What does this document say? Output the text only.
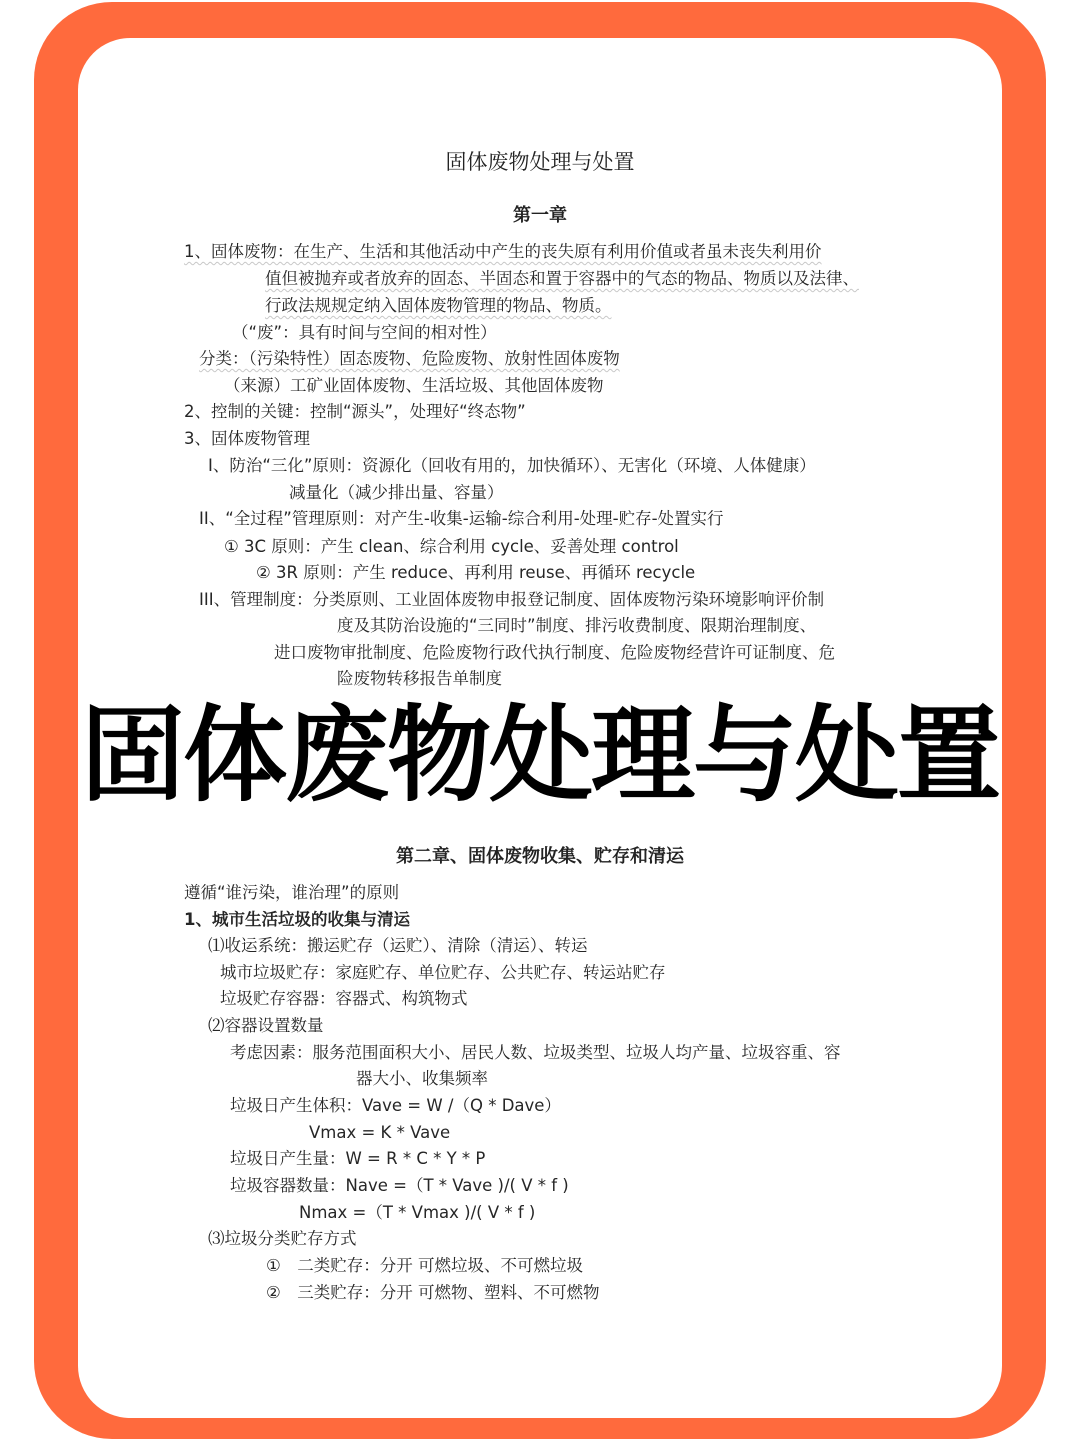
固体废物处理与处置
第一章
1、固体废物：在生产、生活和其他活动中产生的丧失原有利用价值或者虽未丧失利用价
值但被抛弃或者放弃的固态、半固态和置于容器中的气态的物品、物质以及法律、
行政法规规定纳入固体废物管理的物品、物质。
（“废”：具有时间与空间的相对性）
分类：（污染特性）固态废物、危险废物、放射性固体废物
（来源）工矿业固体废物、生活垃圾、其他固体废物
2、控制的关键：控制“源头”，处理好“终态物”
3、固体废物管理
I、防治“三化”原则：资源化（回收有用的，加快循环）、无害化（环境、人体健康）
减量化（减少排出量、容量）
II、“全过程”管理原则：对产生-收集-运输-综合利用-处理-贮存-处置实行
① 3C 原则：产生 clean、综合利用 cycle、妥善处理 control
② 3R 原则：产生 reduce、再利用 reuse、再循环 recycle
III、管理制度：分类原则、工业固体废物申报登记制度、固体废物污染环境影响评价制
度及其防治设施的“三同时”制度、排污收费制度、限期治理制度、
进口废物审批制度、危险废物行政代执行制度、危险废物经营许可证制度、危
险废物转移报告单制度
固体废物处理与处置
第二章、固体废物收集、贮存和清运
遵循“谁污染，谁治理”的原则
1、城市生活垃圾的收集与清运
⑴收运系统：搬运贮存（运贮）、清除（清运）、转运
城市垃圾贮存：家庭贮存、单位贮存、公共贮存、转运站贮存
垃圾贮存容器：容器式、构筑物式
⑵容器设置数量
考虑因素：服务范围面积大小、居民人数、垃圾类型、垃圾人均产量、垃圾容重、容
器大小、收集频率
垃圾日产生体积：Vave = W /（Q * Dave）
Vmax = K * Vave
垃圾日产生量：W = R * C * Y * P
垃圾容器数量：Nave =（T * Vave )/( V * f )
Nmax =（T * Vmax )/( V * f )
⑶垃圾分类贮存方式
①　二类贮存：分开 可燃垃圾、不可燃垃圾
②　三类贮存：分开 可燃物、塑料、不可燃物
